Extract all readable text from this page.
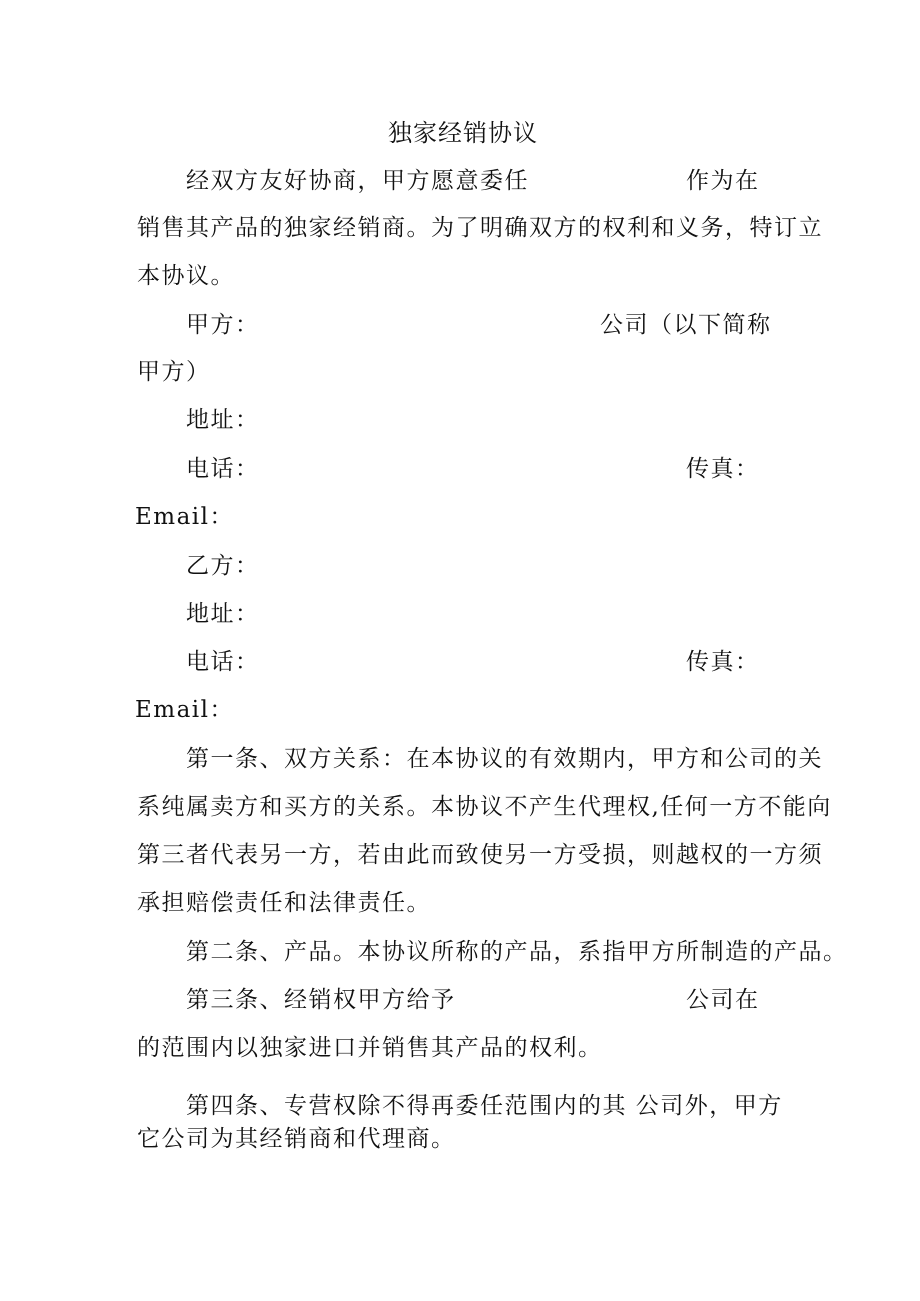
独家经销协议
经双方友好协商，甲方愿意委任	作为在
销售其产品的独家经销商。为了明确双方的权利和义务，特订立
本协议。
甲方：	公司（以下简称
甲方）
地址：
电话：	传真：
Email：
乙方：
地址：
电话：	传真：
Email：
第一条、双方关系：在本协议的有效期内，甲方和公司的关
系纯属卖方和买方的关系。本协议不产生代理权,任何一方不能向
第三者代表另一方，若由此而致使另一方受损，则越权的一方须
承担赔偿责任和法律责任。
第二条、产品。本协议所称的产品，系指甲方所制造的产品。
第三条、经销权甲方给予	公司在
的范围内以独家进口并销售其产品的权利。
第四条、专营权除不得再委任范围内的其 公司外，甲方
它公司为其经销商和代理商。
